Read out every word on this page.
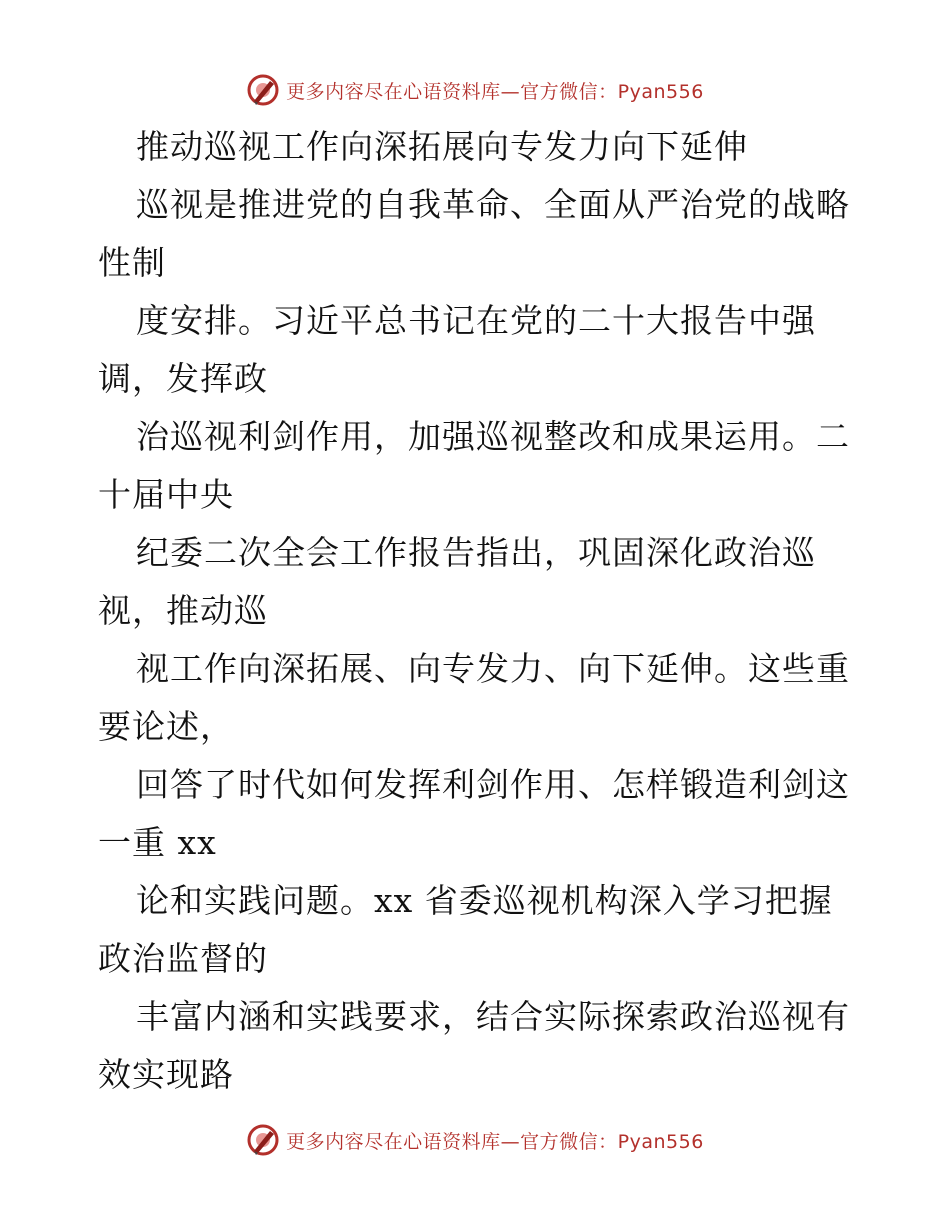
更多内容尽在心语资料库—官方微信：Pyan556
推动巡视工作向深拓展向专发力向下延伸
巡视是推进党的自我革命、全面从严治党的战略
性制
度安排。习近平总书记在党的二十大报告中强
调，发挥政
治巡视利剑作用，加强巡视整改和成果运用。二
十届中央
纪委二次全会工作报告指出，巩固深化政治巡
视，推动巡
视工作向深拓展、向专发力、向下延伸。这些重
要论述，
回答了时代如何发挥利剑作用、怎样锻造利剑这
一重 xx
论和实践问题。xx 省委巡视机构深入学习把握
政治监督的
丰富内涵和实践要求，结合实际探索政治巡视有
效实现路
更多内容尽在心语资料库—官方微信：Pyan556
